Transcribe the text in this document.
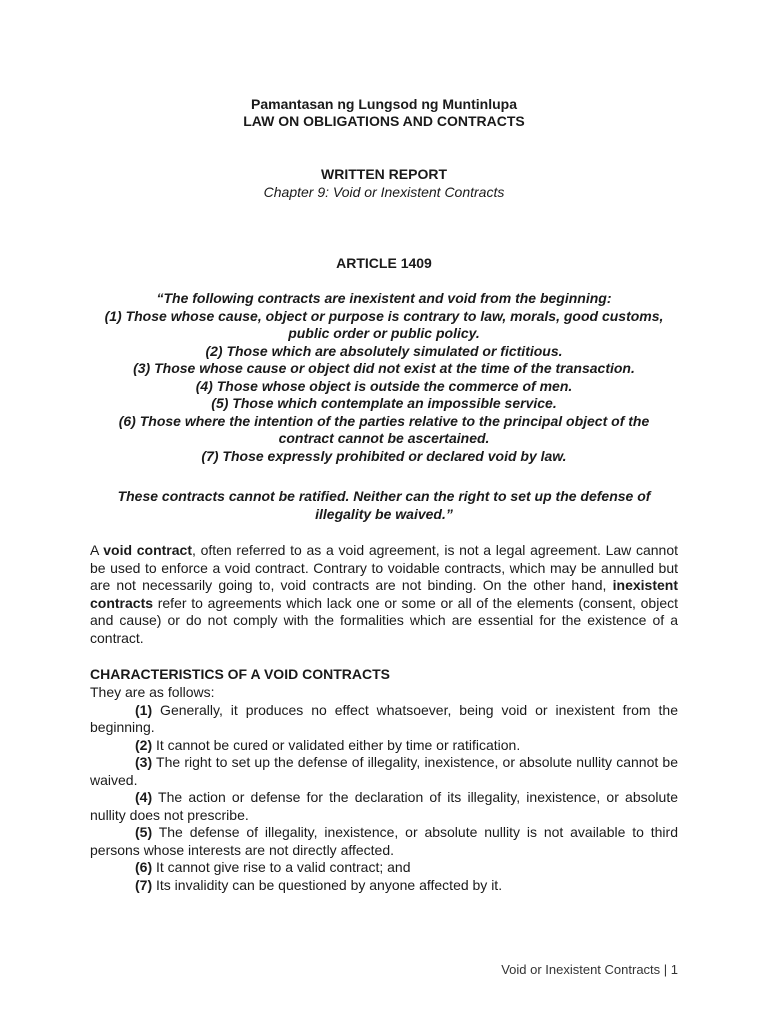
Pamantasan ng Lungsod ng Muntinlupa
LAW ON OBLIGATIONS AND CONTRACTS
WRITTEN REPORT
Chapter 9: Void or Inexistent Contracts
ARTICLE 1409
“The following contracts are inexistent and void from the beginning:
(1) Those whose cause, object or purpose is contrary to law, morals, good customs, public order or public policy.
(2) Those which are absolutely simulated or fictitious.
(3) Those whose cause or object did not exist at the time of the transaction.
(4) Those whose object is outside the commerce of men.
(5) Those which contemplate an impossible service.
(6) Those where the intention of the parties relative to the principal object of the contract cannot be ascertained.
(7) Those expressly prohibited or declared void by law.
These contracts cannot be ratified. Neither can the right to set up the defense of illegality be waived.”
A void contract, often referred to as a void agreement, is not a legal agreement. Law cannot be used to enforce a void contract. Contrary to voidable contracts, which may be annulled but are not necessarily going to, void contracts are not binding. On the other hand, inexistent contracts refer to agreements which lack one or some or all of the elements (consent, object and cause) or do not comply with the formalities which are essential for the existence of a contract.
CHARACTERISTICS OF A VOID CONTRACTS

They are as follows:

(1) Generally, it produces no effect whatsoever, being void or inexistent from the beginning.

(2) It cannot be cured or validated either by time or ratification.

(3) The right to set up the defense of illegality, inexistence, or absolute nullity cannot be waived.

(4) The action or defense for the declaration of its illegality, inexistence, or absolute nullity does not prescribe.

(5) The defense of illegality, inexistence, or absolute nullity is not available to third persons whose interests are not directly affected.

(6) It cannot give rise to a valid contract; and

(7) Its invalidity can be questioned by anyone affected by it.

Void or Inexistent Contracts | 1
